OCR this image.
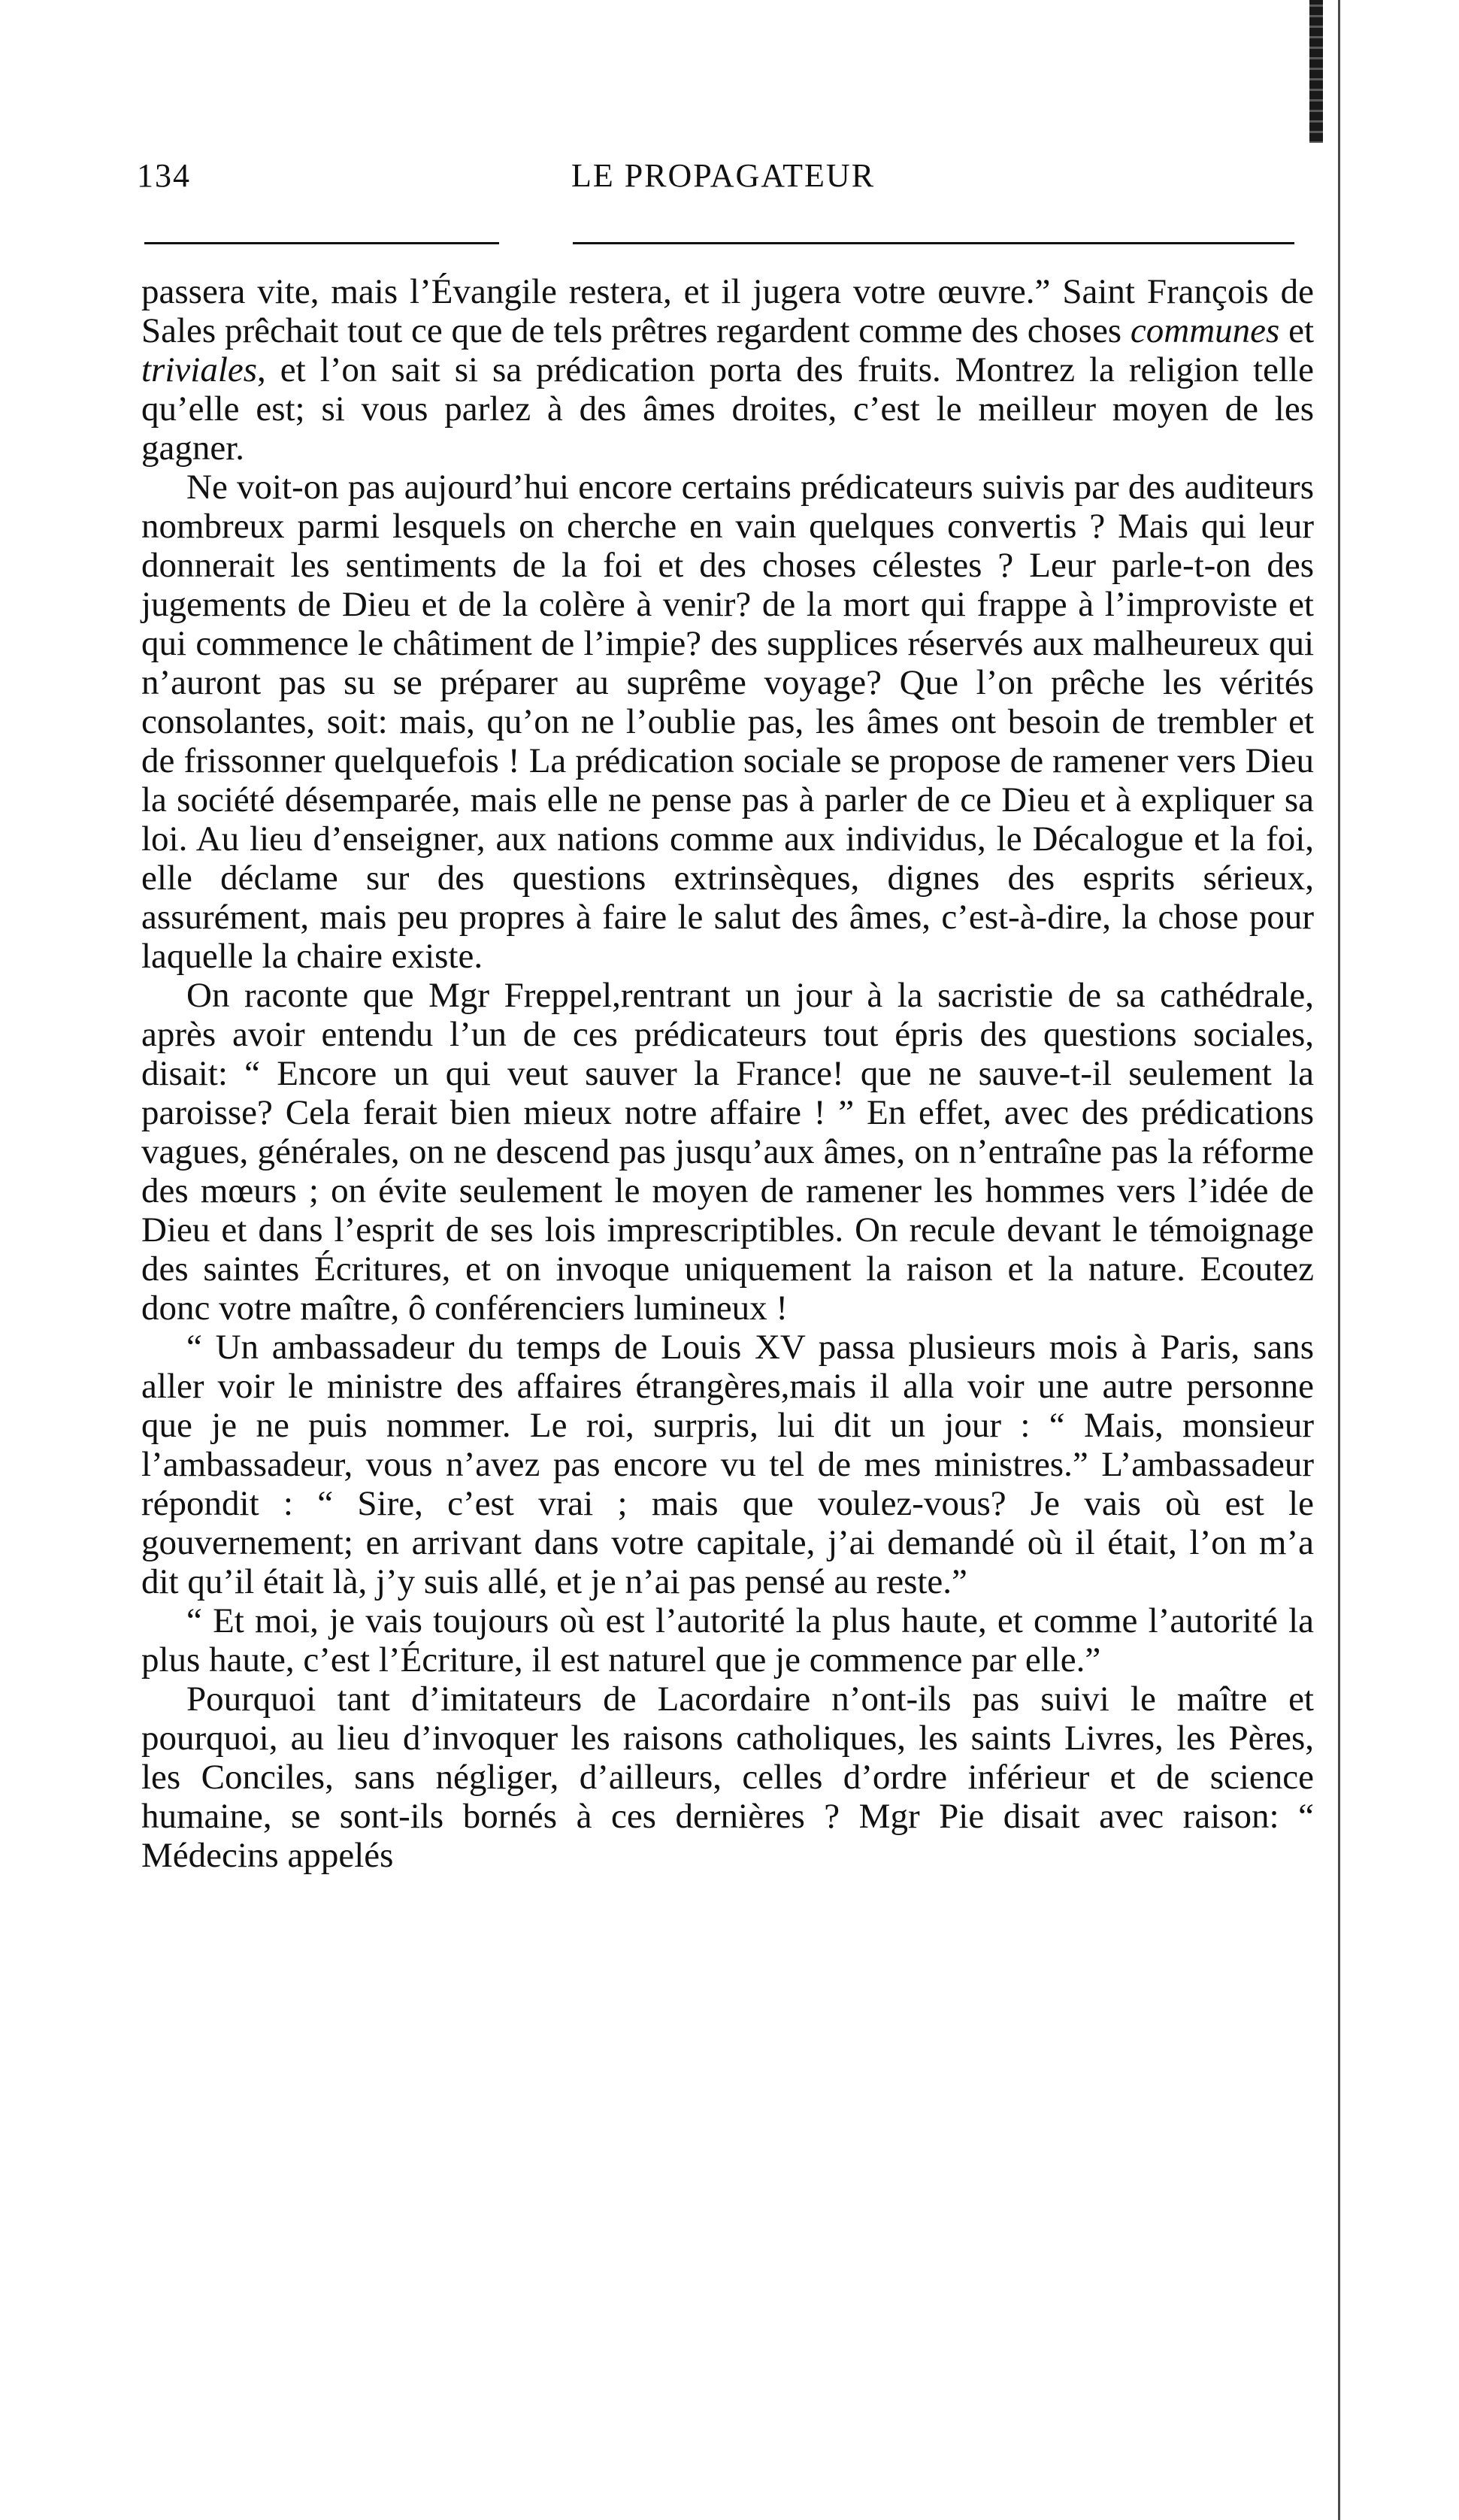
134	LE PROPAGATEUR

passera vite, mais l’Évangile restera, et il jugera votre œuvre.” Saint François de Sales prêchait tout ce que de tels prêtres regardent comme des choses communes et triviales, et l’on sait si sa prédication porta des fruits. Montrez la religion telle qu’elle est; si vous parlez à des âmes droites, c’est le meilleur moyen de les gagner.

Ne voit-on pas aujourd’hui encore certains prédicateurs suivis par des auditeurs nombreux parmi lesquels on cherche en vain quelques convertis ? Mais qui leur donnerait les sentiments de la foi et des choses célestes ? Leur parle-t-on des jugements de Dieu et de la colère à venir? de la mort qui frappe à l’improviste et qui commence le châtiment de l’impie? des supplices réservés aux malheureux qui n’auront pas su se préparer au suprême voyage? Que l’on prêche les vérités consolantes, soit: mais, qu’on ne l’oublie pas, les âmes ont besoin de trembler et de frissonner quelquefois ! La prédication sociale se propose de ramener vers Dieu la société désemparée, mais elle ne pense pas à parler de ce Dieu et à expliquer sa loi. Au lieu d’enseigner, aux nations comme aux individus, le Décalogue et la foi, elle déclame sur des questions extrinsèques, dignes des esprits sérieux, assurément, mais peu propres à faire le salut des âmes, c’est-à-dire, la chose pour laquelle la chaire existe.

On raconte que Mgr Freppel,rentrant un jour à la sacristie de sa cathédrale, après avoir entendu l’un de ces prédicateurs tout épris des questions sociales, disait: “ Encore un qui veut sauver la France! que ne sauve-t-il seulement la paroisse? Cela ferait bien mieux notre affaire ! ” En effet, avec des prédications vagues, générales, on ne descend pas jusqu’aux âmes, on n’entraîne pas la réforme des mœurs ; on évite seulement le moyen de ramener les hommes vers l’idée de Dieu et dans l’esprit de ses lois imprescriptibles. On recule devant le témoignage des saintes Écritures, et on invoque uniquement la raison et la nature. Ecoutez donc votre maître, ô conférenciers lumineux !

“ Un ambassadeur du temps de Louis XV passa plusieurs mois à Paris, sans aller voir le ministre des affaires étrangères,mais il alla voir une autre personne que je ne puis nommer. Le roi, surpris, lui dit un jour : “ Mais, monsieur l’ambassadeur, vous n’avez pas encore vu tel de mes ministres.” L’ambassadeur répondit : “ Sire, c’est vrai ; mais que voulez-vous? Je vais où est le gouvernement; en arrivant dans votre capitale, j’ai demandé où il était, l’on m’a dit qu’il était là, j’y suis allé, et je n’ai pas pensé au reste.”

“ Et moi, je vais toujours où est l’autorité la plus haute, et comme l’autorité la plus haute, c’est l’Écriture, il est naturel que je commence par elle.”

Pourquoi tant d’imitateurs de Lacordaire n’ont-ils pas suivi le maître et pourquoi, au lieu d’invoquer les raisons catholiques, les saints Livres, les Pères, les Conciles, sans négliger, d’ailleurs, celles d’ordre inférieur et de science humaine, se sont-ils bornés à ces dernières ? Mgr Pie disait avec raison: “ Médecins appelés
